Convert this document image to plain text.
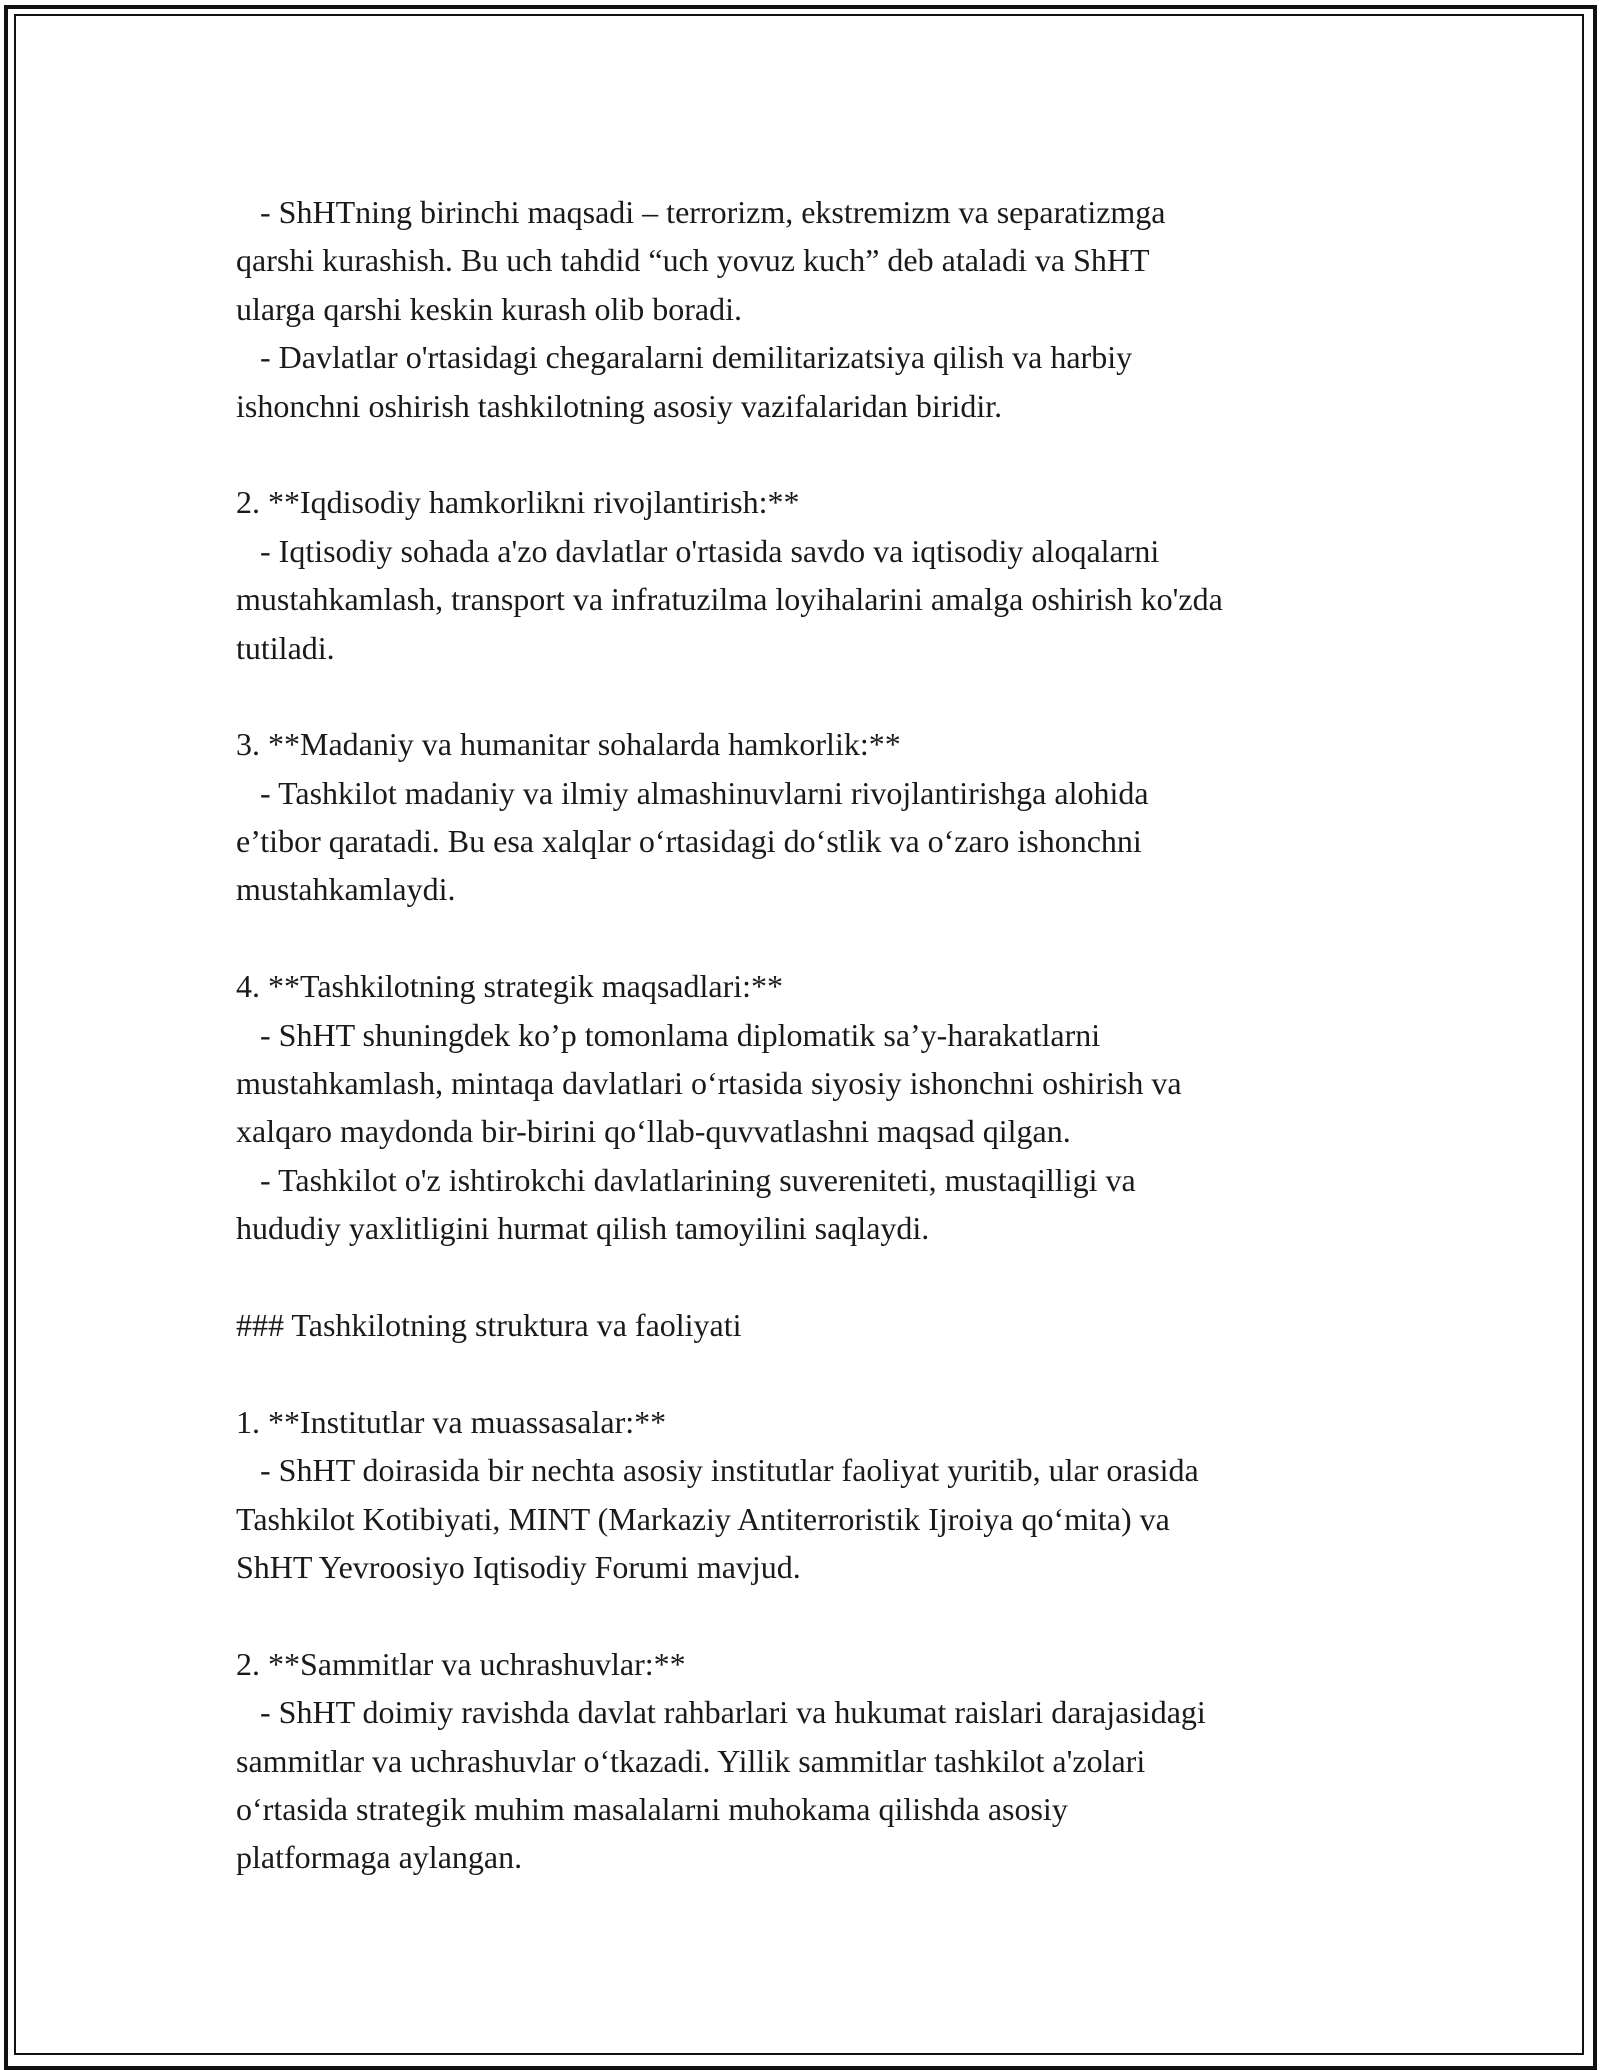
- ShHTning birinchi maqsadi – terrorizm, ekstremizm va separatizmga

qarshi kurashish. Bu uch tahdid “uch yovuz kuch” deb ataladi va ShHT

ularga qarshi keskin kurash olib boradi.

- Davlatlar o'rtasidagi chegaralarni demilitarizatsiya qilish va harbiy

ishonchni oshirish tashkilotning asosiy vazifalaridan biridir.

2. **Iqdisodiy hamkorlikni rivojlantirish:**

- Iqtisodiy sohada a'zo davlatlar o'rtasida savdo va iqtisodiy aloqalarni

mustahkamlash, transport va infratuzilma loyihalarini amalga oshirish ko'zda

tutiladi.

3. **Madaniy va humanitar sohalarda hamkorlik:**

- Tashkilot madaniy va ilmiy almashinuvlarni rivojlantirishga alohida

e’tibor qaratadi. Bu esa xalqlar oʻrtasidagi doʻstlik va oʻzaro ishonchni

mustahkamlaydi.

4. **Tashkilotning strategik maqsadlari:**

- ShHT shuningdek ko’p tomonlama diplomatik sa’y-harakatlarni

mustahkamlash, mintaqa davlatlari oʻrtasida siyosiy ishonchni oshirish va

xalqaro maydonda bir-birini qoʻllab-quvvatlashni maqsad qilgan.

- Tashkilot o'z ishtirokchi davlatlarining suvereniteti, mustaqilligi va

hududiy yaxlitligini hurmat qilish tamoyilini saqlaydi.

### Tashkilotning struktura va faoliyati

1. **Institutlar va muassasalar:**

- ShHT doirasida bir nechta asosiy institutlar faoliyat yuritib, ular orasida

Tashkilot Kotibiyati, MINT (Markaziy Antiterroristik Ijroiya qoʻmita) va

ShHT Yevroosiyo Iqtisodiy Forumi mavjud.

2. **Sammitlar va uchrashuvlar:**

- ShHT doimiy ravishda davlat rahbarlari va hukumat raislari darajasidagi

sammitlar va uchrashuvlar oʻtkazadi. Yillik sammitlar tashkilot a'zolari

oʻrtasida strategik muhim masalalarni muhokama qilishda asosiy

platformaga aylangan.
